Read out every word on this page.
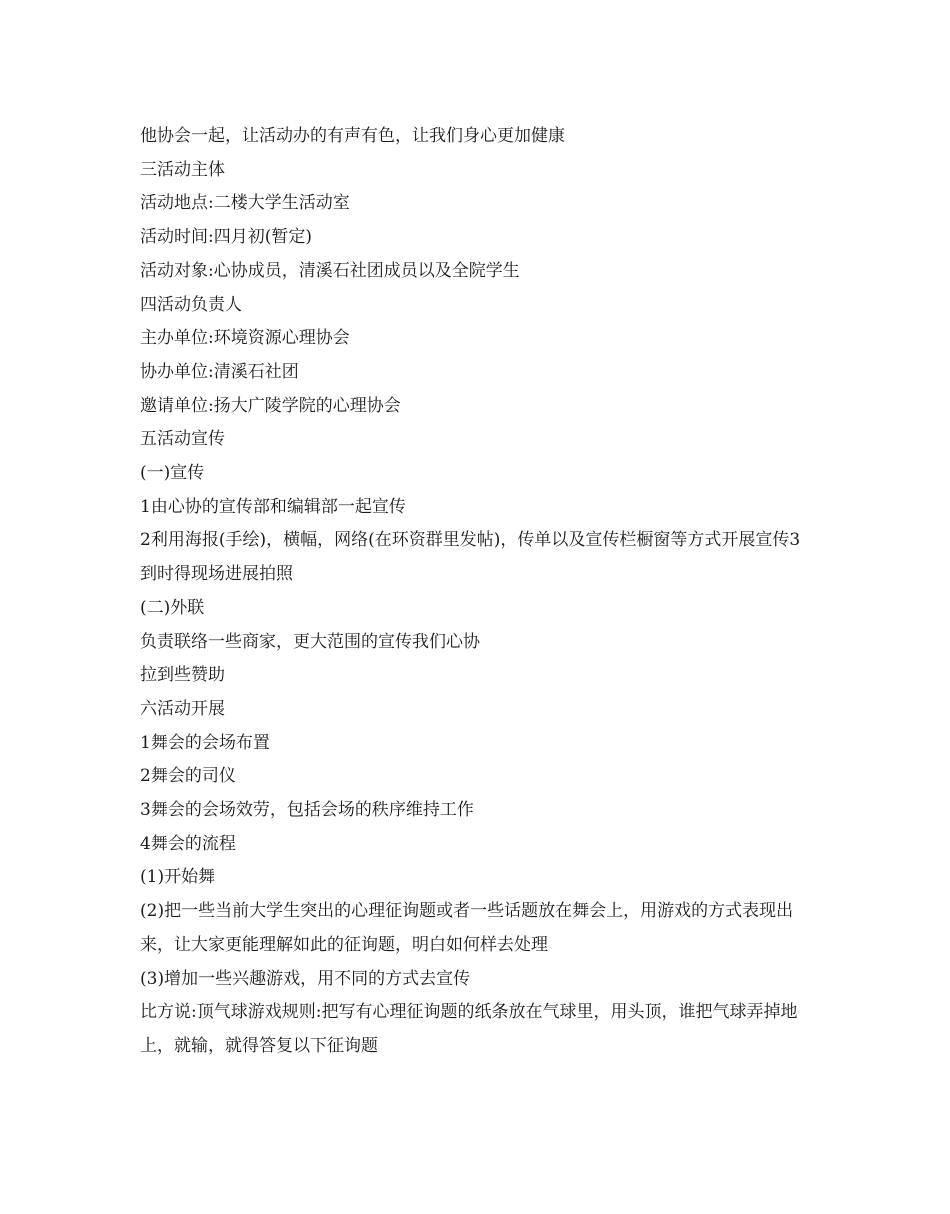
他协会一起，让活动办的有声有色，让我们身心更加健康

三活动主体

活动地点:二楼大学生活动室

活动时间:四月初(暂定)

活动对象:心协成员，清溪石社团成员以及全院学生

四活动负责人

主办单位:环境资源心理协会

协办单位:清溪石社团

邀请单位:扬大广陵学院的心理协会

五活动宣传

(一)宣传

1由心协的宣传部和编辑部一起宣传

2利用海报(手绘)，横幅，网络(在环资群里发帖)，传单以及宣传栏橱窗等方式开展宣传3到时得现场进展拍照

(二)外联

负责联络一些商家，更大范围的宣传我们心协

拉到些赞助

六活动开展

1舞会的会场布置

2舞会的司仪

3舞会的会场效劳，包括会场的秩序维持工作

4舞会的流程

(1)开始舞

(2)把一些当前大学生突出的心理征询题或者一些话题放在舞会上，用游戏的方式表现出来，让大家更能理解如此的征询题，明白如何样去处理

(3)增加一些兴趣游戏，用不同的方式去宣传

比方说:顶气球游戏规则:把写有心理征询题的纸条放在气球里，用头顶，谁把气球弄掉地上，就输，就得答复以下征询题
